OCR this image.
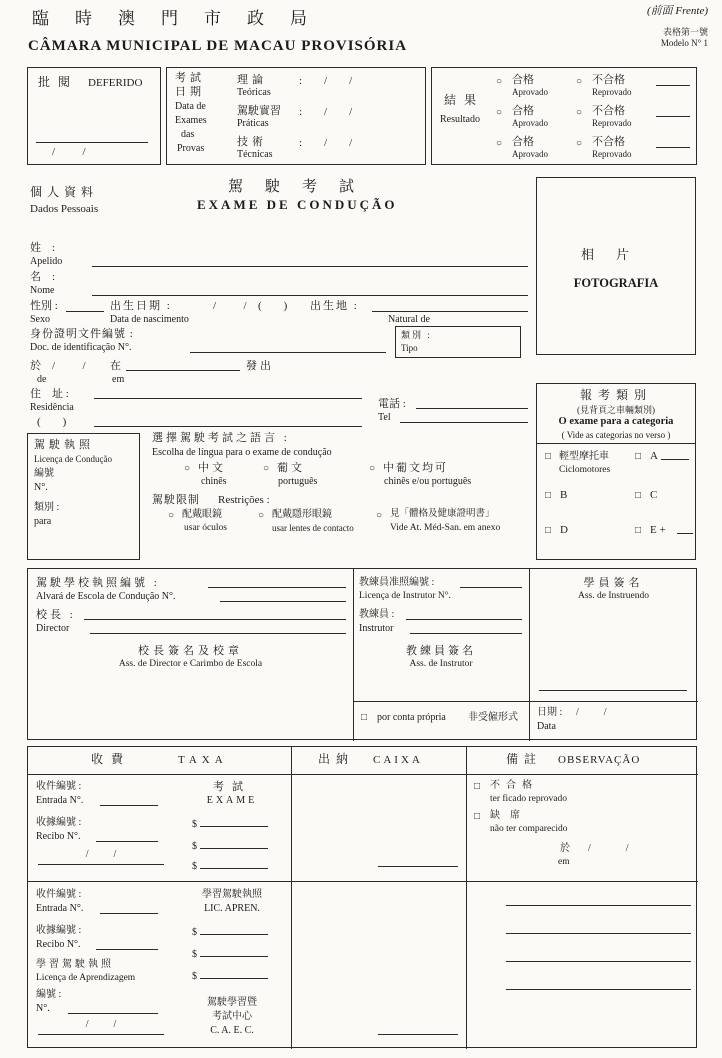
(前面 Frente)
表格第一號
Modelo N° 1
臨時澳門市政局
CÂMARA MUNICIPAL DE MACAU PROVISÓRIA
批閱 DEFERIDO
/          /
考試
日期
Data de
Exames
das
Provas
理論
Teóricas
:        /        /
駕駛實習
Práticas
:        /        /
技術
Técnicas
:        /        /
結果
Resultado
○ 合格
Aprovado
○ 不合格
Reprovado
○ 合格
Aprovado
○ 不合格
Reprovado
○ 合格
Aprovado
○ 不合格
Reprovado
駕駛考試
EXAME DE CONDUÇÃO
個人資料
Dados Pessoais
相片
FOTOGRAFIA
姓　:
Apelido
名　:
Nome
性別 :	出生日期 :	/          / (        ) 出生地 :
Sexo	Data de nascimento	Natural de
身份證明文件編號 :
Doc. de identificação N°.
類別 :
Tipo
於 /          / 在	發出
de	em
住　址 :
Residência
(        )
電話 :
Tel
報考類別
(見背頁之車輛類別)
O exame para a categoria
( Vide as categorias no verso )
□ 輕型摩托車	□ A
Ciclomotores
□ B	□ C
□ D	□ E +
駕駛執照
Licença de Condução
編號
N°.
類別 :
para
選擇駕駛考試之語言 :
Escolha de língua para o exame de condução
○ 中文
chinês
○ 葡文
português
○ 中葡文均可
chinês e/ou português
駕駛限制 Restrições :
○ 配戴眼鏡
usar óculos
○ 配戴隱形眼鏡
usar lentes de contacto
○ 見「體格及健康證明書」
Vide At. Méd-San. em anexo
駕駛學校執照編號 :
Alvará de Escola de Condução N°.
校長 :
Director
校長簽名及校章
Ass. de Director e Carimbo de Escola
教練員准照編號 :
Licença de Instrutor N°.
教練員 :
Instrutor
教練員簽名
Ass. de Instrutor
□ por conta própria 非受僱形式
學員簽名
Ass. de Instruendo
日期 : /          /
Data
收費	TAXA	出納 CAIXA	備註 OBSERVAÇÃO
收件編號 :
Entrada N°.
收據編號 :
Recibo N°.
/          /
考試
EXAME
$
$
$
□ 不合格
ter ficado reprovado
□ 缺席
não ter comparecido
於 /              /
em
收件編號 :
Entrada N°.
收據編號 :
Recibo N°.
學習駕駛執照
Licença de Aprendizagem
編號 :
N°.
/          /
學習駕駛執照
LIC. APREN.
$
$
$
駕駛學習暨
考試中心
C. A. E. C.
